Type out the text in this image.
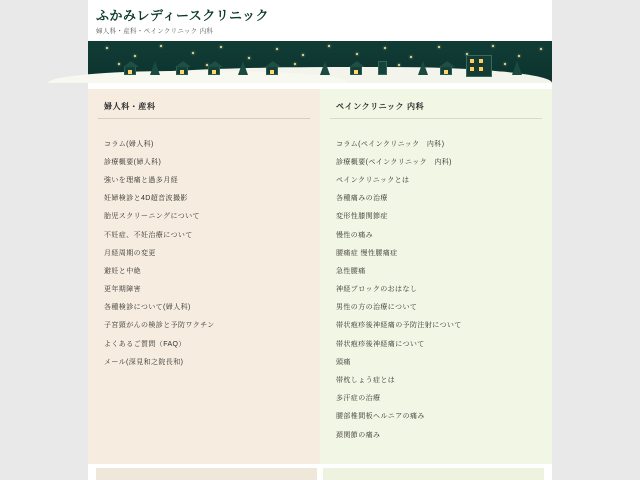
ふかみレディースクリニック
婦人科・産科・ペインクリニック 内科
婦人科・産科
コラム(婦人科)
診療概要(婦人科)
強いを理痛と過多月経
妊婦検診と4D超音波撮影
胎児スクリーニングについて
不妊症、不妊治療について
月経周期の変更
避妊と中絶
更年期障害
各種検診について(婦人科)
子宮頸がんの検診と予防ワクチン
よくあるご質問（FAQ）
メール(深見和之院長和)
ペインクリニック 内科
コラム(ペインクリニック　内科)
診療概要(ペインクリニック　内科)
ペインクリニックとは
各種痛みの治療
変形性膝関節症
慢性の痛み
腰痛症 慢性腰痛症
急性腰痛
神経ブロックのおはなし
男性の方の治療について
帯状疱疹後神経痛の予防注射について
帯状疱疹後神経痛について
頭痛
帯枕しょう症とは
多汗症の治療
腰部椎間板ヘルニアの痛み
頚関節の痛み
